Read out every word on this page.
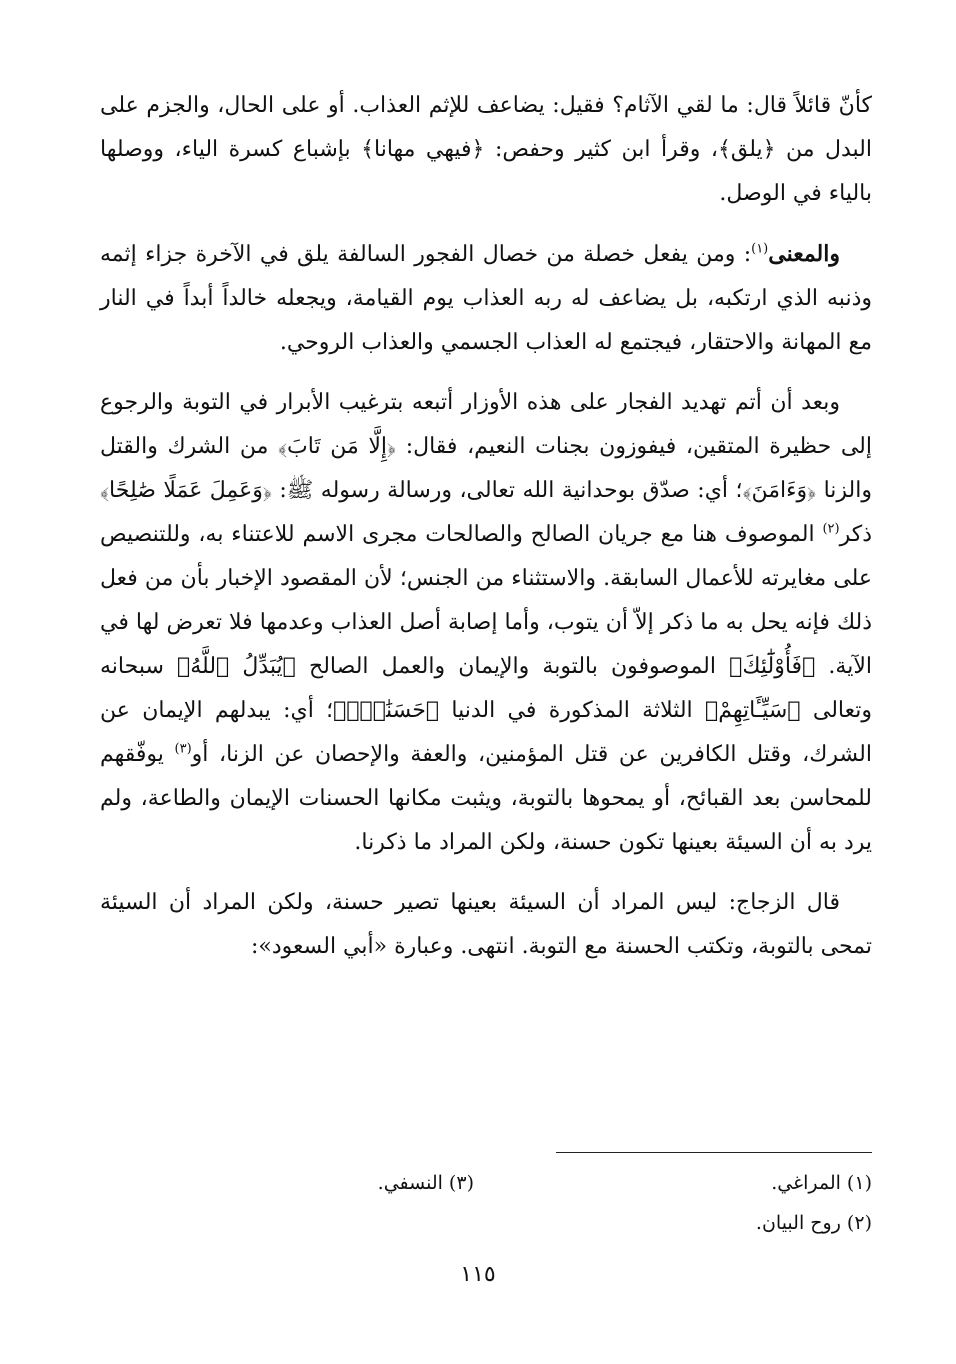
كأنّ قائلاً قال: ما لقي الآثام؟ فقيل: يضاعف للإثم العذاب. أو على الحال، والجزم على البدل من ﴿يلق﴾، وقرأ ابن كثير وحفص: ﴿فيهي مهانا﴾ بإشباع كسرة الياء، ووصلها بالياء في الوصل.

والمعنى$^{(١)}$: ومن يفعل خصلة من خصال الفجور السالفة يلق في الآخرة جزاء إثمه وذنبه الذي ارتكبه، بل يضاعف له ربه العذاب يوم القيامة، ويجعله خالداً أبداً في النار مع المهانة والاحتقار، فيجتمع له العذاب الجسمي والعذاب الروحي.

وبعد أن أتم تهديد الفجار على هذه الأوزار أتبعه بترغيب الأبرار في التوبة والرجوع إلى حظيرة المتقين، فيفوزون بجنات النعيم، فقال: ﴿إِلَّا مَن تَابَ﴾ من الشرك والقتل والزنا ﴿وَءَامَنَ﴾؛ أي: صدّق بوحدانية الله تعالى، ورسالة رسوله ﷺ: ﴿وَعَمِلَ عَمَلًا صَٰلِحًا﴾ ذكر$^{(٢)}$ الموصوف هنا مع جريان الصالح والصالحات مجرى الاسم للاعتناء به، وللتنصيص على مغايرته للأعمال السابقة. والاستثناء من الجنس؛ لأن المقصود الإخبار بأن من فعل ذلك فإنه يحل به ما ذكر إلاّ أن يتوب، وأما إصابة أصل العذاب وعدمها فلا تعرض لها في الآية. ﴿فَأُوْلَٰٓئِكَ﴾ الموصوفون بالتوبة والإيمان والعمل الصالح ﴿يُبَدِّلُ ٱللَّهُ﴾ سبحانه وتعالى ﴿سَيِّـَٔاتِهِمْ﴾ الثلاثة المذكورة في الدنيا ﴿حَسَنَٰتٍۗ﴾؛ أي: يبدلهم الإيمان عن الشرك، وقتل الكافرين عن قتل المؤمنين، والعفة والإحصان عن الزنا، أو$^{(٣)}$ يوفّقهم للمحاسن بعد القبائح، أو يمحوها بالتوبة، ويثبت مكانها الحسنات الإيمان والطاعة، ولم يرد به أن السيئة بعينها تكون حسنة، ولكن المراد ما ذكرنا.

قال الزجاج: ليس المراد أن السيئة بعينها تصير حسنة، ولكن المراد أن السيئة تمحى بالتوبة، وتكتب الحسنة مع التوبة. انتهى. وعبارة «أبي السعود»:

(١) المراغي.
(٢) روح البيان.
(٣) النسفي.
١١٥
